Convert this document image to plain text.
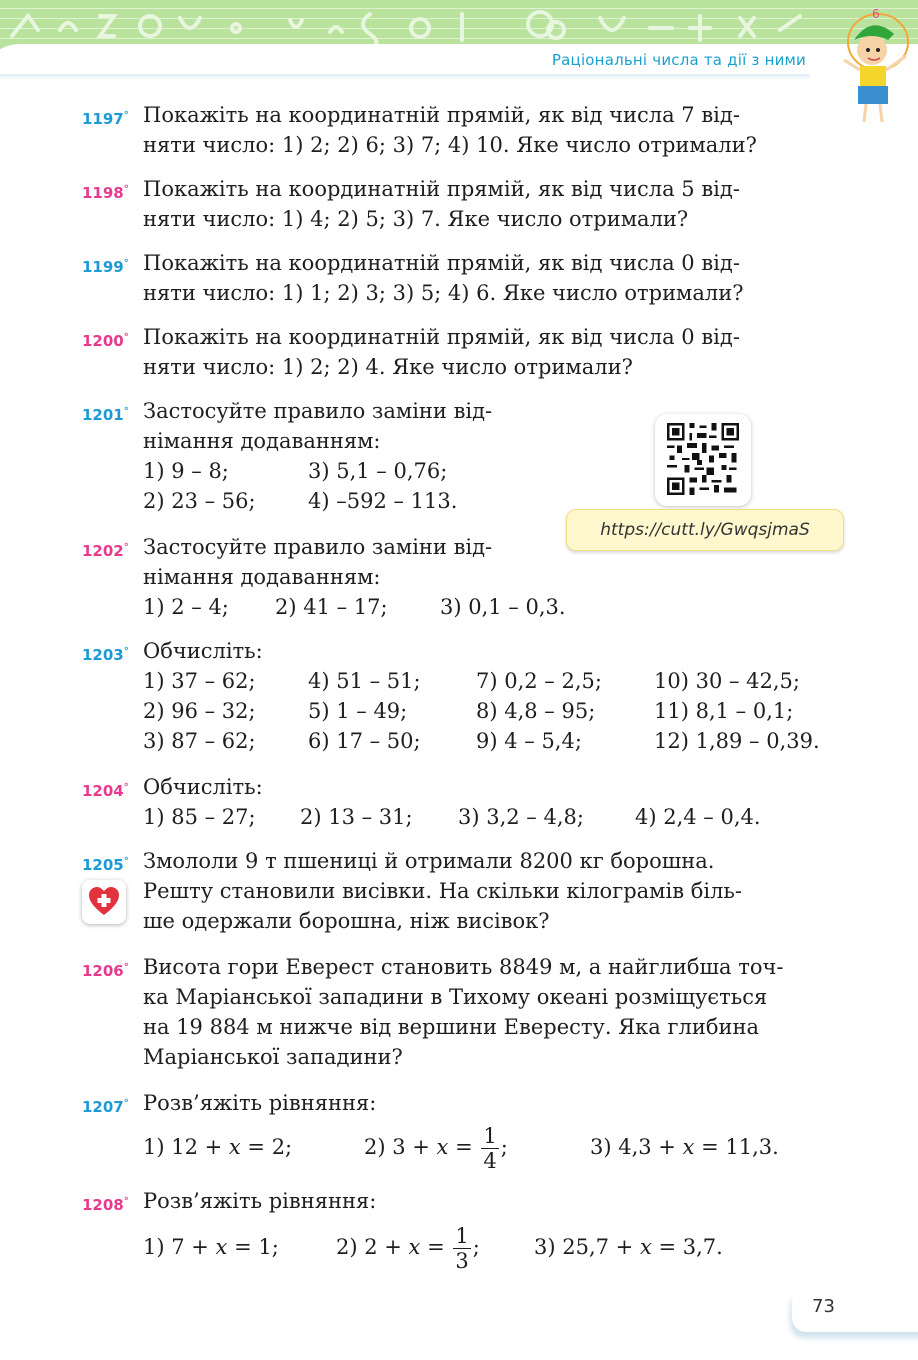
Раціональні числа та дії з ними
6
1197° Покажіть на координатній прямій, як від числа 7 від-
няти число: 1) 2; 2) 6; 3) 7; 4) 10. Яке число отримали?
1198° Покажіть на координатній прямій, як від числа 5 від-
няти число: 1) 4; 2) 5; 3) 7. Яке число отримали?
1199° Покажіть на координатній прямій, як від числа 0 від-
няти число: 1) 1; 2) 3; 3) 5; 4) 6. Яке число отримали?
1200° Покажіть на координатній прямій, як від числа 0 від-
няти число: 1) 2; 2) 4. Яке число отримали?
1201° Застосуйте правило заміни від-
німання додаванням:
1) 9 – 8;	3) 5,1 – 0,76;
2) 23 – 56; 4) –592 – 113.
https://cutt.ly/GwqsjmaS
1202° Застосуйте правило заміни від-
німання додаванням:
1) 2 – 4; 2) 41 – 17; 3) 0,1 – 0,3.
1203° Обчисліть:
1) 37 – 62; 4) 51 – 51;	7) 0,2 – 2,5; 10) 30 – 42,5;
2) 96 – 32; 5) 1 – 49;	8) 4,8 – 95;	11) 8,1 – 0,1;
3) 87 – 62; 6) 17 – 50;	9) 4 – 5,4;	12) 1,89 – 0,39.
1204° Обчисліть:
1) 85 – 27; 2) 13 – 31; 3) 3,2 – 4,8; 4) 2,4 – 0,4.
1205° Змололи 9 т пшениці й отримали 8200 кг борошна.
Решту становили висівки. На скільки кілограмів біль-
ше одержали борошна, ніж висівок?
1206° Висота гори Еверест становить 8849 м, а найглибша точ-
ка Маріанської западини в Тихому океані розміщується
на 19 884 м нижче від вершини Евересту. Яка глибина
Маріанської западини?
1207° Розв’яжіть рівняння:
1) 12 + x = 2;	2) $3 + x = \frac{1}{4}$ ;	3) 4,3 + x = 11,3.
1208° Розв’яжіть рівняння:
1) 7 + x = 1;	2) $2 + x = \frac{1}{3}$ ;	3) 25,7 + x = 3,7.
73
